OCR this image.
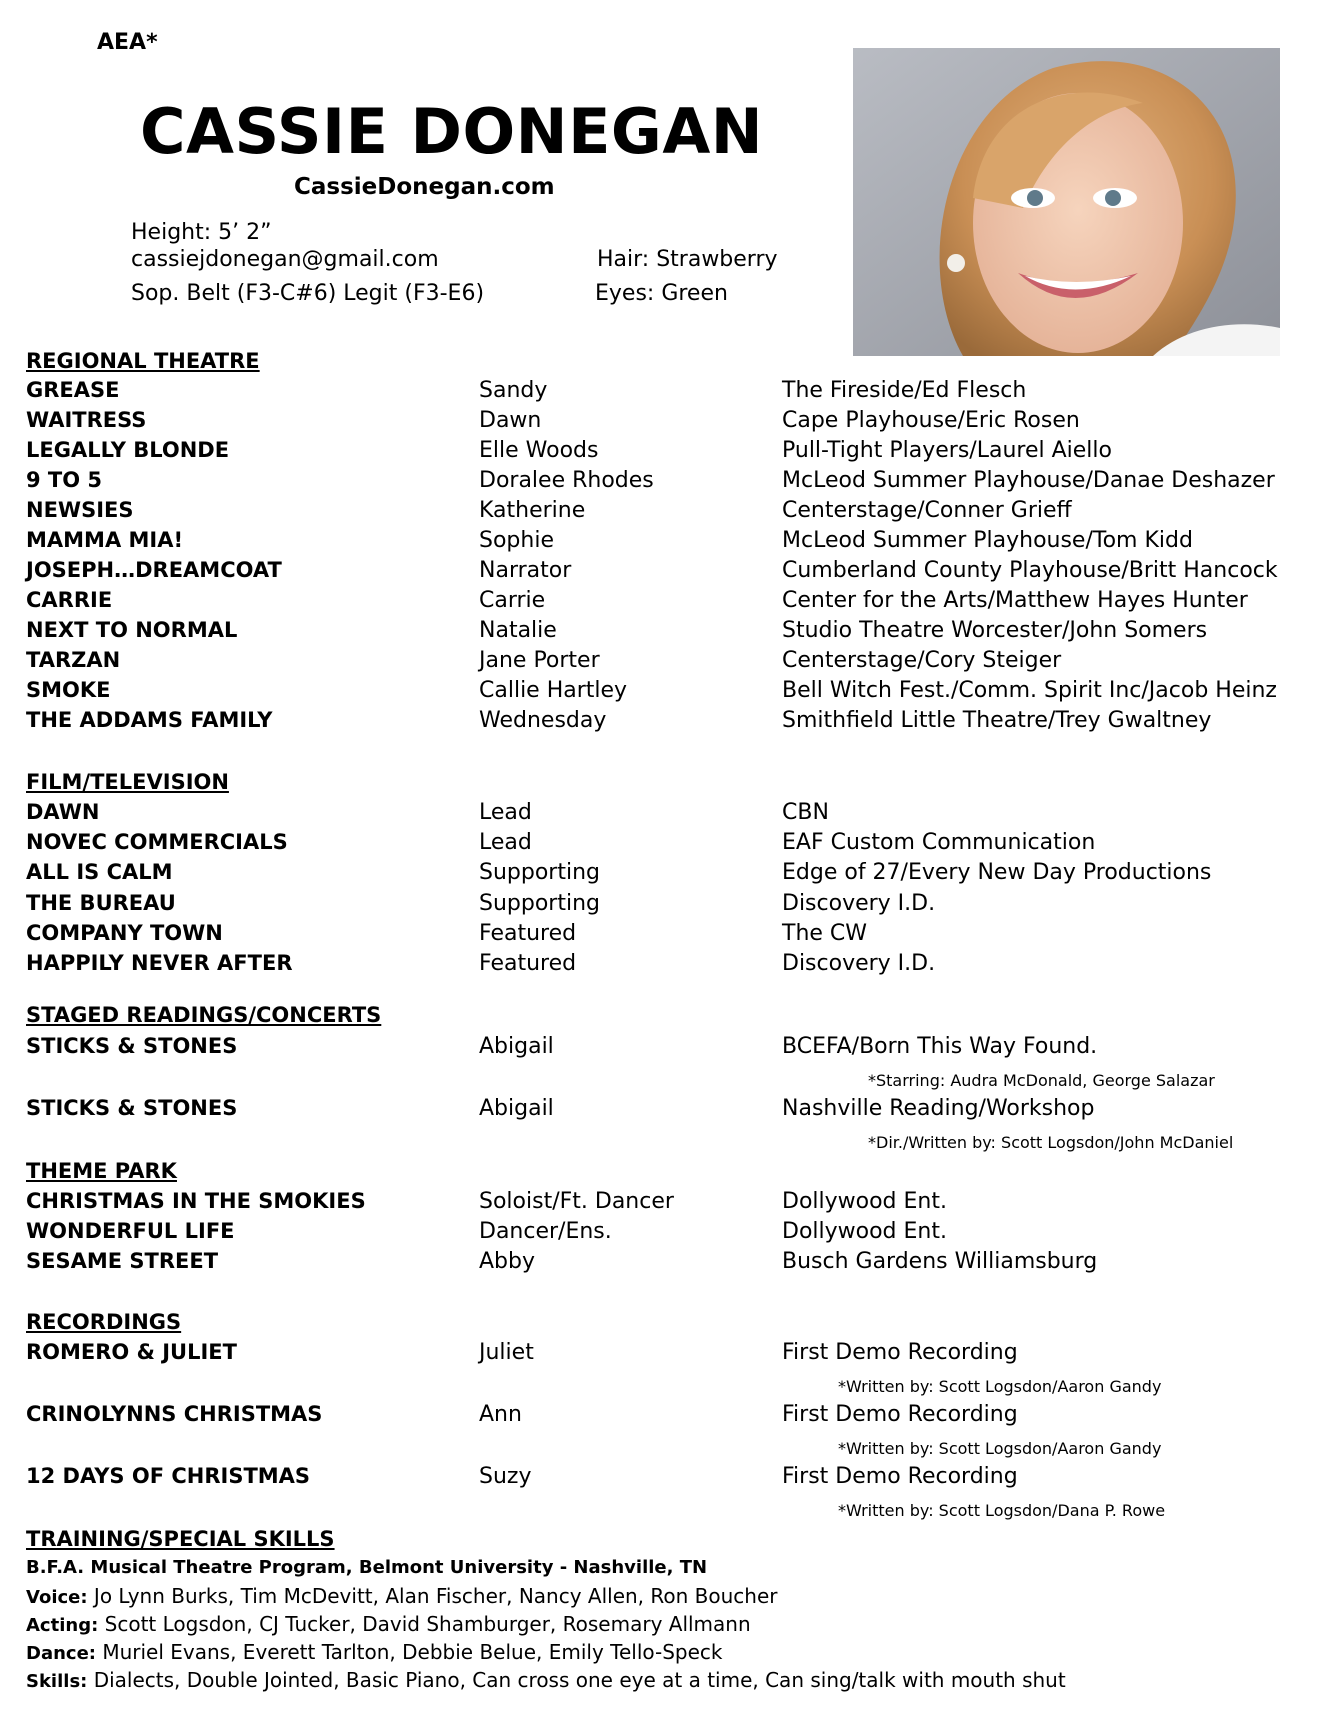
AEA*
CASSIE DONEGAN
CassieDonegan.com
Height: 5’ 2”
cassiejdonegan@gmail.com
Sop. Belt (F3-C#6) Legit (F3-E6)
Hair: Strawberry
Eyes: Green
REGIONAL THEATRE
GREASE	Sandy	The Fireside/Ed Flesch
WAITRESS	Dawn	Cape Playhouse/Eric Rosen
LEGALLY BLONDE	Elle Woods	Pull-Tight Players/Laurel Aiello
9 TO 5	Doralee Rhodes	McLeod Summer Playhouse/Danae Deshazer
NEWSIES	Katherine	Centerstage/Conner Grieff
MAMMA MIA!	Sophie	McLeod Summer Playhouse/Tom Kidd
JOSEPH…DREAMCOAT	Narrator	Cumberland County Playhouse/Britt Hancock
CARRIE	Carrie	Center for the Arts/Matthew Hayes Hunter
NEXT TO NORMAL	Natalie	Studio Theatre Worcester/John Somers
TARZAN	Jane Porter	Centerstage/Cory Steiger
SMOKE	Callie Hartley	Bell Witch Fest./Comm. Spirit Inc/Jacob Heinz
THE ADDAMS FAMILY	Wednesday	Smithfield Little Theatre/Trey Gwaltney
FILM/TELEVISION
DAWN	Lead	CBN
NOVEC COMMERCIALS	Lead	EAF Custom Communication
ALL IS CALM	Supporting	Edge of 27/Every New Day Productions
THE BUREAU	Supporting	Discovery I.D.
COMPANY TOWN	Featured	The CW
HAPPILY NEVER AFTER	Featured	Discovery I.D.
STAGED READINGS/CONCERTS
STICKS & STONES	Abigail	BCEFA/Born This Way Found.
*Starring: Audra McDonald, George Salazar
STICKS & STONES	Abigail	Nashville Reading/Workshop
*Dir./Written by: Scott Logsdon/John McDaniel
THEME PARK
CHRISTMAS IN THE SMOKIES	Soloist/Ft. Dancer	Dollywood Ent.
WONDERFUL LIFE	Dancer/Ens.	Dollywood Ent.
SESAME STREET	Abby	Busch Gardens Williamsburg
RECORDINGS
ROMERO & JULIET	Juliet	First Demo Recording
*Written by: Scott Logsdon/Aaron Gandy
CRINOLYNNS CHRISTMAS	Ann	First Demo Recording
*Written by: Scott Logsdon/Aaron Gandy
12 DAYS OF CHRISTMAS	Suzy	First Demo Recording
*Written by: Scott Logsdon/Dana P. Rowe
TRAINING/SPECIAL SKILLS
B.F.A. Musical Theatre Program, Belmont University - Nashville, TN
Voice: Jo Lynn Burks, Tim McDevitt, Alan Fischer, Nancy Allen, Ron Boucher
Acting: Scott Logsdon, CJ Tucker, David Shamburger, Rosemary Allmann
Dance: Muriel Evans, Everett Tarlton, Debbie Belue, Emily Tello-Speck
Skills: Dialects, Double Jointed, Basic Piano, Can cross one eye at a time, Can sing/talk with mouth shut
